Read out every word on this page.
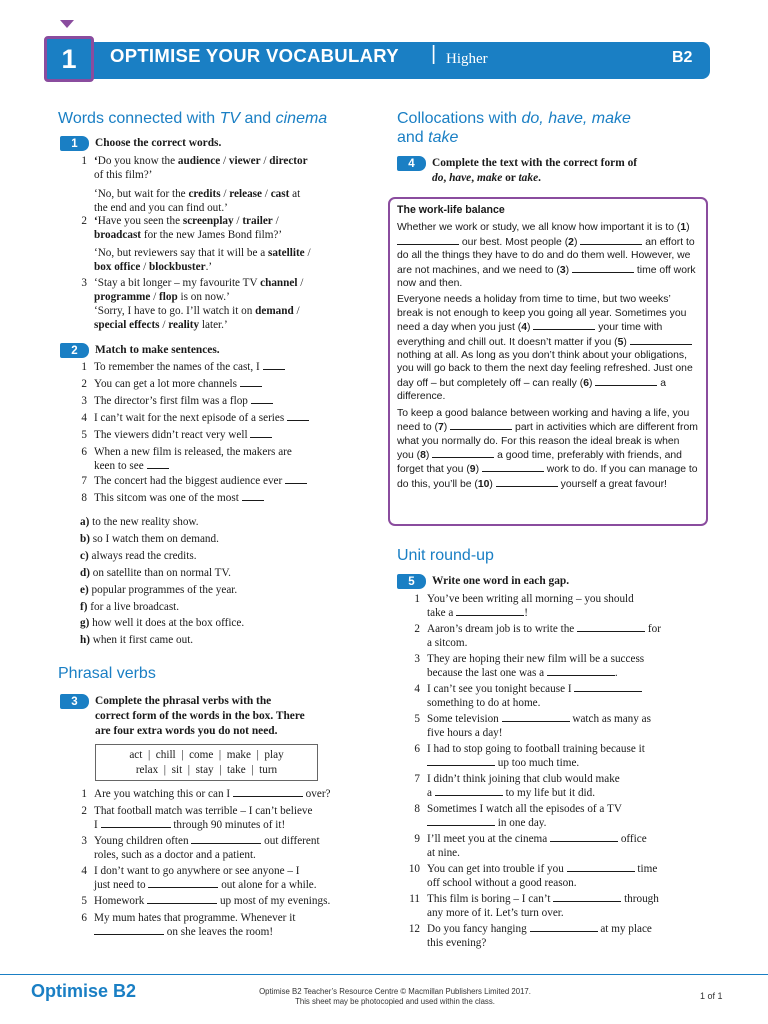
1 OPTIMISE YOUR VOCABULARY | Higher	B2
Words connected with TV and cinema
1	Choose the correct words.
1 ‘Do you know the audience / viewer / director
of this film?’
‘No, but wait for the credits / release / cast at
the end and you can find out.’
2 ‘Have you seen the screenplay / trailer /
broadcast for the new James Bond film?’
‘No, but reviewers say that it will be a satellite /
box office / blockbuster.’
3 ‘Stay a bit longer – my favourite TV channel /
programme / flop is on now.’
‘Sorry, I have to go. I’ll watch it on demand /
special effects / reality later.’
2	Match to make sentences.
1 To remember the names of the cast, I
2 You can get a lot more channels
3 The director’s first film was a flop
4 I can’t wait for the next episode of a series
5 The viewers didn’t react very well
6 When a new film is released, the makers are
keen to see
7 The concert had the biggest audience ever
8 This sitcom was one of the most
a) to the new reality show.
b) so I watch them on demand.
c) always read the credits.
d) on satellite than on normal TV.
e) popular programmes of the year.
f) for a live broadcast.
g) how well it does at the box office.
h) when it first came out.
Phrasal verbs
3	Complete the phrasal verbs with the
correct form of the words in the box. There
are four extra words you do not need.
act  |  chill  |  come  |  make  |  play
relax  |  sit  |  stay  |  take  |  turn
1 Are you watching this or can I	over?
2 That football match was terrible – I can’t believe
I	through 90 minutes of it!
3 Young children often	out different
roles, such as a doctor and a patient.
4 I don’t want to go anywhere or see anyone – I
just need to	out alone for a while.
5 Homework	up most of my evenings.
6 My mum hates that programme. Whenever it
on she leaves the room!
Collocations with do, have, make
and take
4	Complete the text with the correct form of
do, have, make or take.
The work-life balance

Whether we work or study, we all know how important it is to (1)  our best. Most people (2)	an effort to do all the things they have to do and do them well. However, we are not machines, and we need to (3)	time off work now and then.

Everyone needs a holiday from time to time, but two weeks’ break is not enough to keep you going all year. Sometimes you need a day when you just (4)	your time with everything and chill out. It doesn’t matter if you (5)  nothing at all. As long as you don’t think about your obligations, you will go back to them the next day feeling refreshed. Just one day off – but completely off – can really (6)	a difference.

To keep a good balance between working and having a life, you need to (7)	part in activities which are different from what you normally do. For this reason the ideal break is when you (8)	a good time, preferably with friends, and forget that you (9)	work to do. If you can manage to do this, you’ll be (10)	yourself a great favour!

Unit round-up
5	Write one word in each gap.
1 You’ve been writing all morning – you should
take a	!
2 Aaron’s dream job is to write the	for
a sitcom.
3 They are hoping their new film will be a success
because the last one was a	.
4 I can’t see you tonight because I
something to do at home.
5 Some television	watch as many as
five hours a day!
6 I had to stop going to football training because it
up too much time.
7 I didn’t think joining that club would make
a	to my life but it did.
8 Sometimes I watch all the episodes of a TV
in one day.
9 I’ll meet you at the cinema	office
at nine.
10 You can get into trouble if you	time
off school without a good reason.
11 This film is boring – I can’t	through
any more of it. Let’s turn over.
12 Do you fancy hanging	at my place
this evening?
Optimise B2	Optimise B2 Teacher’s Resource Centre © Macmillan Publishers Limited 2017.
This sheet may be photocopied and used within the class.
1 of 1
